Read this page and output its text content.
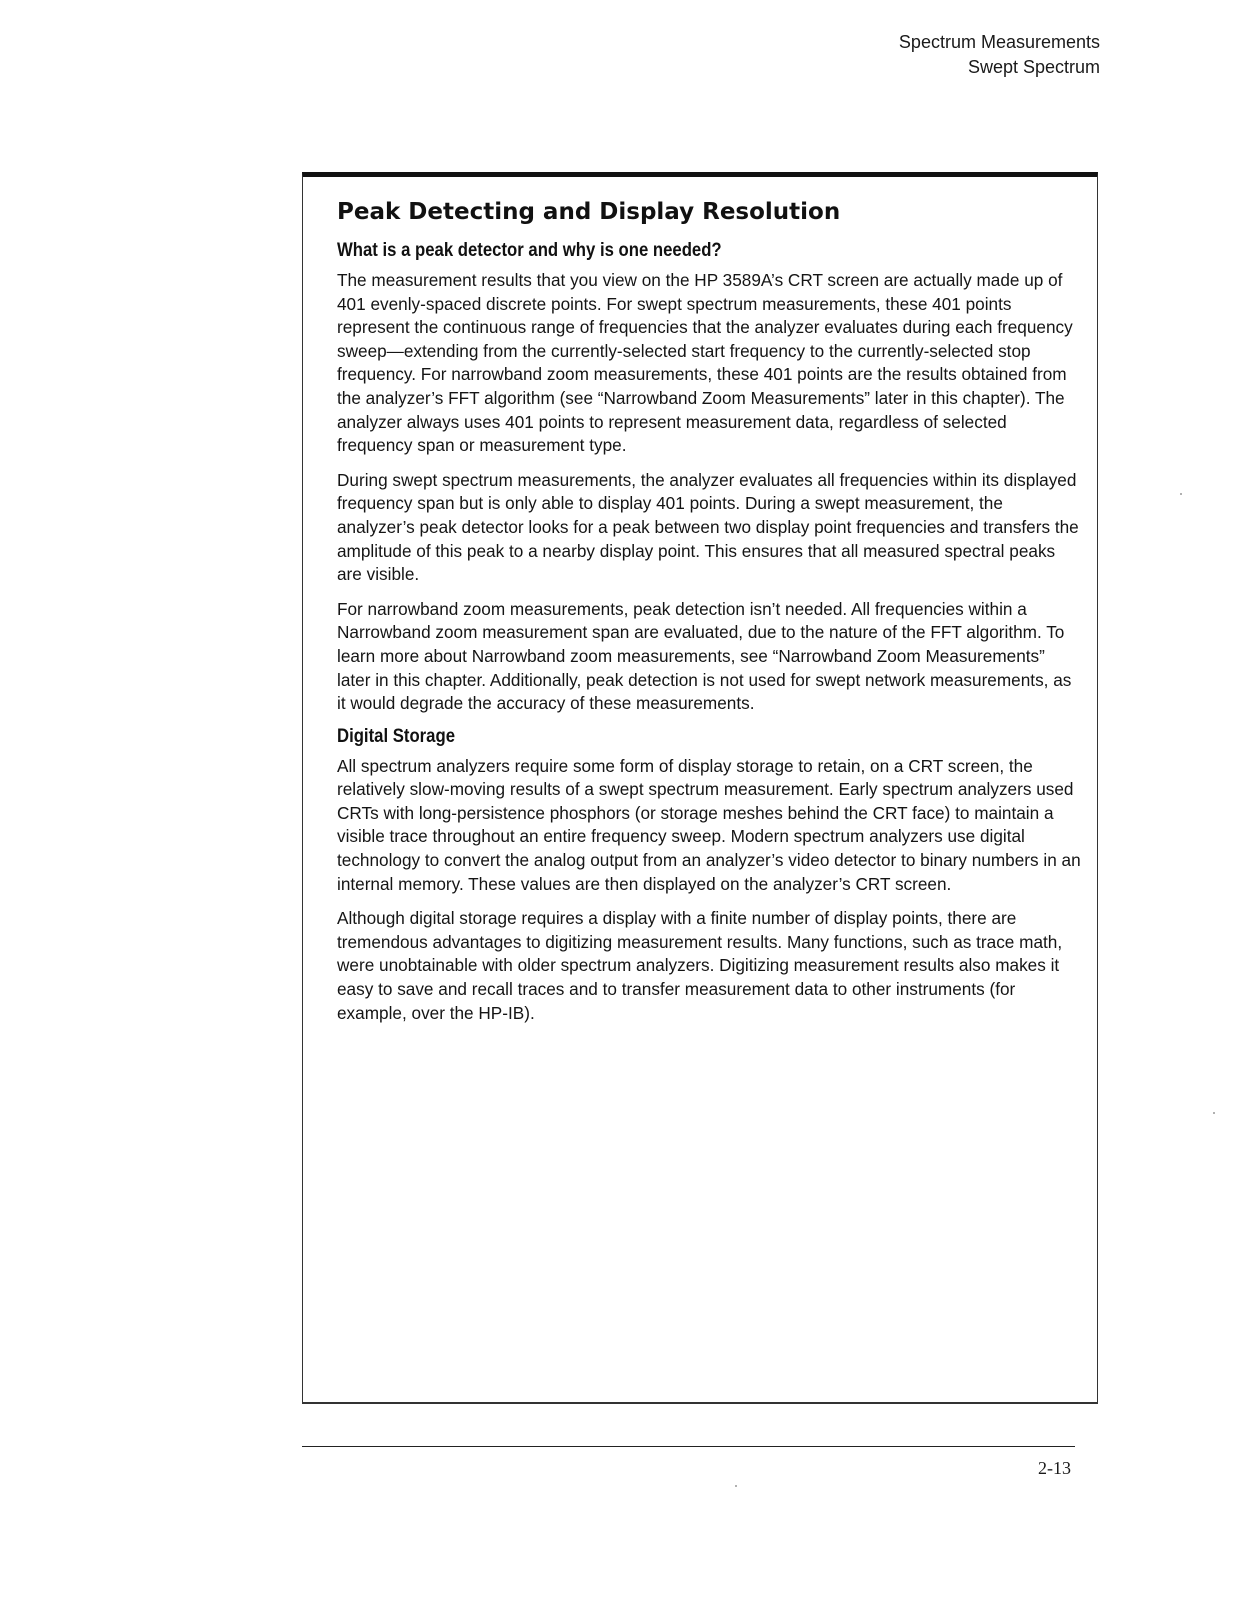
Spectrum Measurements
Swept Spectrum
Peak Detecting and Display Resolution
What is a peak detector and why is one needed?

The measurement results that you view on the HP 3589A’s CRT screen are actually made up of 401 evenly-spaced discrete points. For swept spectrum measurements, these 401 points represent the continuous range of frequencies that the analyzer evaluates during each frequency sweep—extending from the currently-selected start frequency to the currently-selected stop frequency. For narrowband zoom measurements, these 401 points are the results obtained from the analyzer’s FFT algorithm (see “Narrowband Zoom Measurements” later in this chapter). The analyzer always uses 401 points to represent measurement data, regardless of selected frequency span or measurement type.

During swept spectrum measurements, the analyzer evaluates all frequencies within its displayed frequency span but is only able to display 401 points. During a swept measurement, the analyzer’s peak detector looks for a peak between two display point frequencies and transfers the amplitude of this peak to a nearby display point. This ensures that all measured spectral peaks are visible.

For narrowband zoom measurements, peak detection isn’t needed. All frequencies within a Narrowband zoom measurement span are evaluated, due to the nature of the FFT algorithm. To learn more about Narrowband zoom measurements, see “Narrowband Zoom Measurements” later in this chapter. Additionally, peak detection is not used for swept network measurements, as it would degrade the accuracy of these measurements.

Digital Storage

All spectrum analyzers require some form of display storage to retain, on a CRT screen, the relatively slow-moving results of a swept spectrum measurement. Early spectrum analyzers used CRTs with long-persistence phosphors (or storage meshes behind the CRT face) to maintain a visible trace throughout an entire frequency sweep. Modern spectrum analyzers use digital technology to convert the analog output from an analyzer’s video detector to binary numbers in an internal memory. These values are then displayed on the analyzer’s CRT screen.

Although digital storage requires a display with a finite number of display points, there are tremendous advantages to digitizing measurement results. Many functions, such as trace math, were unobtainable with older spectrum analyzers. Digitizing measurement results also makes it easy to save and recall traces and to transfer measurement data to other instruments (for example, over the HP-IB).

2-13
